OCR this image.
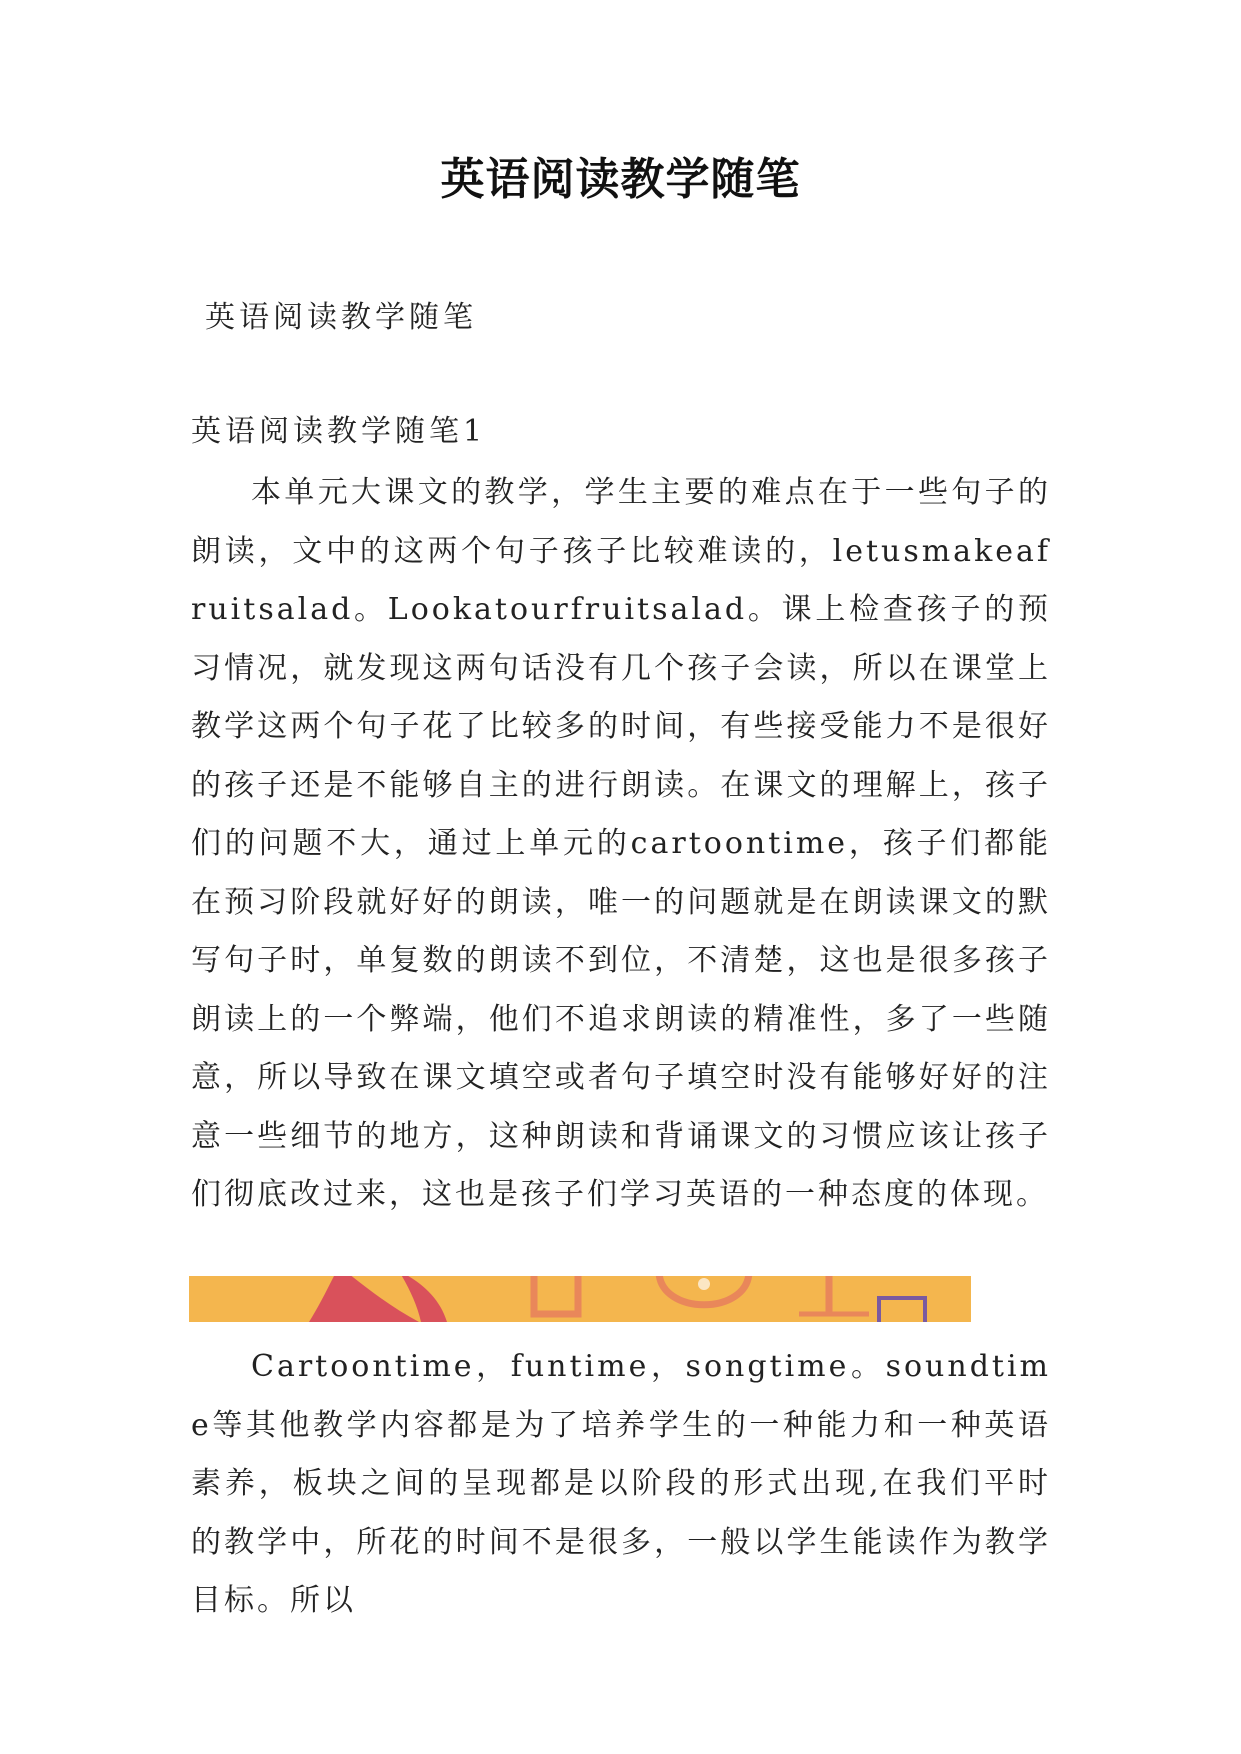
英语阅读教学随笔
英语阅读教学随笔
英语阅读教学随笔1

本单元大课文的教学，学生主要的难点在于一些句子的朗读，文中的这两个句子孩子比较难读的，letusmakeafruitsalad。Lookatourfruitsalad。课上检查孩子的预习情况，就发现这两句话没有几个孩子会读，所以在课堂上教学这两个句子花了比较多的时间，有些接受能力不是很好的孩子还是不能够自主的进行朗读。在课文的理解上，孩子们的问题不大，通过上单元的cartoontime，孩子们都能在预习阶段就好好的朗读，唯一的问题就是在朗读课文的默写句子时，单复数的朗读不到位，不清楚，这也是很多孩子朗读上的一个弊端，他们不追求朗读的精准性，多了一些随意，所以导致在课文填空或者句子填空时没有能够好好的注意一些细节的地方，这种朗读和背诵课文的习惯应该让孩子们彻底改过来，这也是孩子们学习英语的一种态度的体现。

Cartoontime，funtime，songtime。soundtime等其他教学内容都是为了培养学生的一种能力和一种英语素养，板块之间的呈现都是以阶段的形式出现,在我们平时的教学中，所花的时间不是很多，一般以学生能读作为教学目标。所以
